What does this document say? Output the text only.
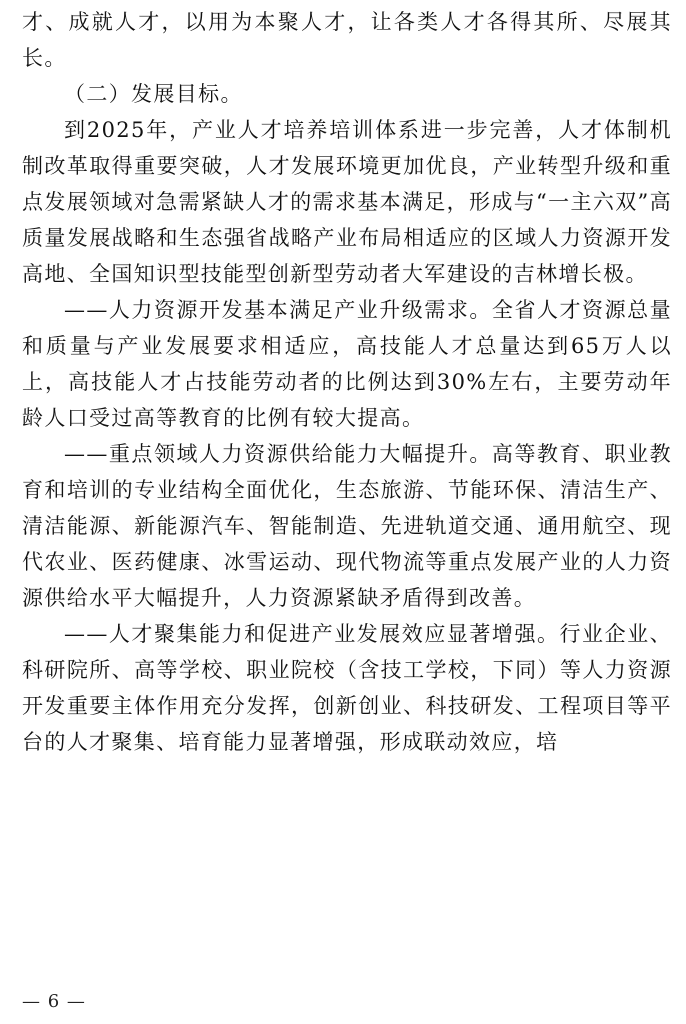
才、成就人才，以用为本聚人才，让各类人才各得其所、尽展其长。

（二）发展目标。

到2025年，产业人才培养培训体系进一步完善，人才体制机制改革取得重要突破，人才发展环境更加优良，产业转型升级和重点发展领域对急需紧缺人才的需求基本满足，形成与“一主六双”高质量发展战略和生态强省战略产业布局相适应的区域人力资源开发高地、全国知识型技能型创新型劳动者大军建设的吉林增长极。

——人力资源开发基本满足产业升级需求。全省人才资源总量和质量与产业发展要求相适应，高技能人才总量达到65万人以上，高技能人才占技能劳动者的比例达到30%左右，主要劳动年龄人口受过高等教育的比例有较大提高。

——重点领域人力资源供给能力大幅提升。高等教育、职业教育和培训的专业结构全面优化，生态旅游、节能环保、清洁生产、清洁能源、新能源汽车、智能制造、先进轨道交通、通用航空、现代农业、医药健康、冰雪运动、现代物流等重点发展产业的人力资源供给水平大幅提升，人力资源紧缺矛盾得到改善。

——人才聚集能力和促进产业发展效应显著增强。行业企业、科研院所、高等学校、职业院校（含技工学校，下同）等人力资源开发重要主体作用充分发挥，创新创业、科技研发、工程项目等平台的人才聚集、培育能力显著增强，形成联动效应，培

— 6 —
